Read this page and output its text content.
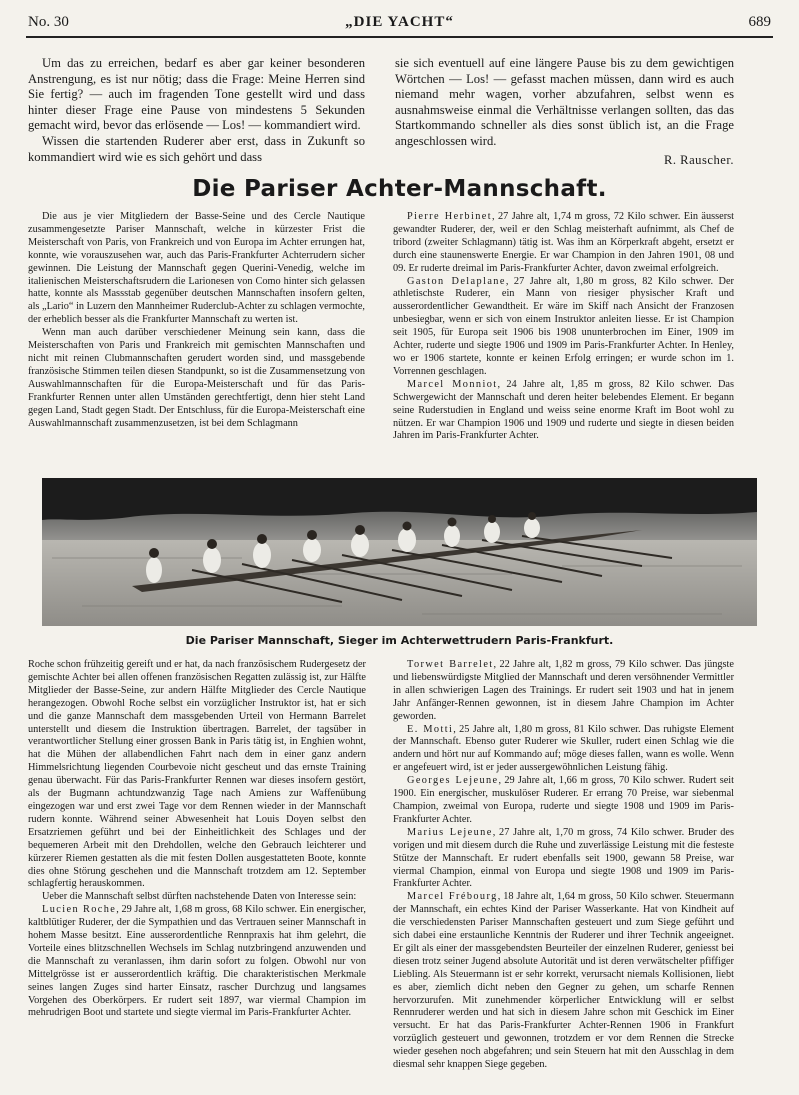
No. 30	„DIE YACHT“	689

Um das zu erreichen, bedarf es aber gar keiner besonderen Anstrengung, es ist nur nötig; dass die Frage: Meine Herren sind Sie fertig? — auch im fragenden Tone gestellt wird und dass hinter dieser Frage eine Pause von mindestens 5 Sekunden gemacht wird, bevor das erlösende — Los! — kommandiert wird.

Wissen die startenden Ruderer aber erst, dass in Zukunft so kommandiert wird wie es sich gehört und dass

sie sich eventuell auf eine längere Pause bis zu dem gewichtigen Wörtchen — Los! — gefasst machen müssen, dann wird es auch niemand mehr wagen, vorher abzufahren, selbst wenn es ausnahmsweise einmal die Verhältnisse verlangen sollten, das das Startkommando schneller als dies sonst üblich ist, an die Frage angeschlossen wird.

R. Rauscher.
Die Pariser Achter-Mannschaft.

Die aus je vier Mitgliedern der Basse-Seine und des Cercle Nautique zusammengesetzte Pariser Mannschaft, welche in kürzester Frist die Meisterschaft von Paris, von Frankreich und von Europa im Achter errungen hat, konnte, wie vorauszusehen war, auch das Paris-Frankfurter Achterrudern sicher gewinnen. Die Leistung der Mannschaft gegen Querini-Venedig, welche im italienischen Meisterschaftsrudern die Larionesen von Como hinter sich gelassen hatte, konnte als Massstab gegenüber deutschen Mannschaften insofern gelten, als „Lario“ in Luzern den Mannheimer Ruderclub-Achter zu schlagen vermochte, der erheblich besser als die Frankfurter Mannschaft zu werten ist.

Wenn man auch darüber verschiedener Meinung sein kann, dass die Meisterschaften von Paris und Frankreich mit gemischten Mannschaften und nicht mit reinen Clubmannschaften gerudert worden sind, und massgebende französische Stimmen teilen diesen Standpunkt, so ist die Zusammensetzung von Auswahlmannschaften für die Europa-Meisterschaft und für das Paris-Frankfurter Rennen unter allen Umständen gerechtfertigt, denn hier steht Land gegen Land, Stadt gegen Stadt. Der Entschluss, für die Europa-Meisterschaft eine Auswahlmannschaft zusammenzusetzen, ist bei dem Schlagmann

Pierre Herbinet, 27 Jahre alt, 1,74 m gross, 72 Kilo schwer. Ein äusserst gewandter Ruderer, der, weil er den Schlag meisterhaft aufnimmt, als Chef de tribord (zweiter Schlagmann) tätig ist. Was ihm an Körperkraft abgeht, ersetzt er durch eine staunenswerte Energie. Er war Champion in den Jahren 1901, 08 und 09. Er ruderte dreimal im Paris-Frankfurter Achter, davon zweimal erfolgreich.

Gaston Delaplane, 27 Jahre alt, 1,80 m gross, 82 Kilo schwer. Der athletischste Ruderer, ein Mann von riesiger physischer Kraft und ausserordentlicher Gewandtheit. Er wäre im Skiff nach Ansicht der Franzosen unbesiegbar, wenn er sich von einem Instruktor anleiten liesse. Er ist Champion seit 1905, für Europa seit 1906 bis 1908 ununterbrochen im Einer, 1909 im Achter, ruderte und siegte 1906 und 1909 im Paris-Frankfurter Achter. In Henley, wo er 1906 startete, konnte er keinen Erfolg erringen; er wurde schon im 1. Vorrennen geschlagen.

Marcel Monniot, 24 Jahre alt, 1,85 m gross, 82 Kilo schwer. Das Schwergewicht der Mannschaft und deren heiter belebendes Element. Er begann seine Ruderstudien in England und weiss seine enorme Kraft im Boot wohl zu nützen. Er war Champion 1906 und 1909 und ruderte und siegte in diesen beiden Jahren im Paris-Frankfurter Achter.

Die Pariser Mannschaft, Sieger im Achterwettrudern Paris-Frankfurt.

Roche schon frühzeitig gereift und er hat, da nach französischem Rudergesetz der gemischte Achter bei allen offenen französischen Regatten zulässig ist, zur Hälfte Mitglieder der Basse-Seine, zur andern Hälfte Mitglieder des Cercle Nautique herangezogen. Obwohl Roche selbst ein vorzüglicher Instruktor ist, hat er sich und die ganze Mannschaft dem massgebenden Urteil von Hermann Barrelet unterstellt und diesem die Instruktion übertragen. Barrelet, der tagsüber in verantwortlicher Stellung einer grossen Bank in Paris tätig ist, in Enghien wohnt, hat die Mühen der allabendlichen Fahrt nach dem in einer ganz andern Himmelsrichtung liegenden Courbevoie nicht gescheut und das ernste Training genau überwacht. Für das Paris-Frankfurter Rennen war dieses insofern gestört, als der Bugmann achtundzwanzig Tage nach Amiens zur Waffenübung eingezogen war und erst zwei Tage vor dem Rennen wieder in der Mannschaft rudern konnte. Während seiner Abwesenheit hat Louis Doyen selbst den Ersatzriemen geführt und bei der Einheitlichkeit des Schlages und der bequemeren Arbeit mit den Drehdollen, welche den Gebrauch leichterer und kürzerer Riemen gestatten als die mit festen Dollen ausgestatteten Boote, konnte dies ohne Störung geschehen und die Mannschaft trotzdem am 12. September schlagfertig herauskommen.

Ueber die Mannschaft selbst dürften nachstehende Daten von Interesse sein:

Lucien Roche, 29 Jahre alt, 1,68 m gross, 68 Kilo schwer. Ein energischer, kaltblütiger Ruderer, der die Sympathien und das Vertrauen seiner Mannschaft in hohem Masse besitzt. Eine ausserordentliche Rennpraxis hat ihm gelehrt, die Vorteile eines blitzschnellen Wechsels im Schlag nutzbringend anzuwenden und die Mannschaft zu veranlassen, ihm darin sofort zu folgen. Obwohl nur von Mittelgrösse ist er ausserordentlich kräftig. Die charakteristischen Merkmale seines langen Zuges sind harter Einsatz, rascher Durchzug und langsames Vorgehen des Oberkörpers. Er rudert seit 1897, war viermal Champion im mehrudrigen Boot und startete und siegte viermal im Paris-Frankfurter Achter.

Torwet Barrelet, 22 Jahre alt, 1,82 m gross, 79 Kilo schwer. Das jüngste und liebenswürdigste Mitglied der Mannschaft und deren versöhnender Vermittler in allen schwierigen Lagen des Trainings. Er rudert seit 1903 und hat in jenem Jahr Anfänger-Rennen gewonnen, ist in diesem Jahre Champion im Achter geworden.

E. Motti, 25 Jahre alt, 1,80 m gross, 81 Kilo schwer. Das ruhigste Element der Mannschaft. Ebenso guter Ruderer wie Skuller, rudert einen Schlag wie die andern und hört nur auf Kommando auf; möge dieses fallen, wann es wolle. Wenn er angefeuert wird, ist er jeder aussergewöhnlichen Leistung fähig.

Georges Lejeune, 29 Jahre alt, 1,66 m gross, 70 Kilo schwer. Rudert seit 1900. Ein energischer, muskulöser Ruderer. Er errang 70 Preise, war siebenmal Champion, zweimal von Europa, ruderte und siegte 1908 und 1909 im Paris-Frankfurter Achter.

Marius Lejeune, 27 Jahre alt, 1,70 m gross, 74 Kilo schwer. Bruder des vorigen und mit diesem durch die Ruhe und zuverlässige Leistung mit die festeste Stütze der Mannschaft. Er rudert ebenfalls seit 1900, gewann 58 Preise, war viermal Champion, einmal von Europa und siegte 1908 und 1909 im Paris-Frankfurter Achter.

Marcel Frébourg, 18 Jahre alt, 1,64 m gross, 50 Kilo schwer. Steuermann der Mannschaft, ein echtes Kind der Pariser Wasserkante. Hat von Kindheit auf die verschiedensten Pariser Mannschaften gesteuert und zum Siege geführt und sich dabei eine erstaunliche Kenntnis der Ruderer und ihrer Technik angeeignet. Er gilt als einer der massgebendsten Beurteiler der einzelnen Ruderer, geniesst bei diesen trotz seiner Jugend absolute Autorität und ist deren verwätschelter pfiffiger Liebling. Als Steuermann ist er sehr korrekt, verursacht niemals Kollisionen, liebt es aber, ziemlich dicht neben den Gegner zu gehen, um scharfe Rennen hervorzurufen. Mit zunehmender körperlicher Entwicklung will er selbst Rennruderer werden und hat sich in diesem Jahre schon mit Geschick im Einer versucht. Er hat das Paris-Frankfurter Achter-Rennen 1906 in Frankfurt vorzüglich gesteuert und gewonnen, trotzdem er vor dem Rennen die Strecke wieder gesehen noch abgefahren; und sein Steuern hat mit den Ausschlag in dem diesmal sehr knappen Siege gegeben.
